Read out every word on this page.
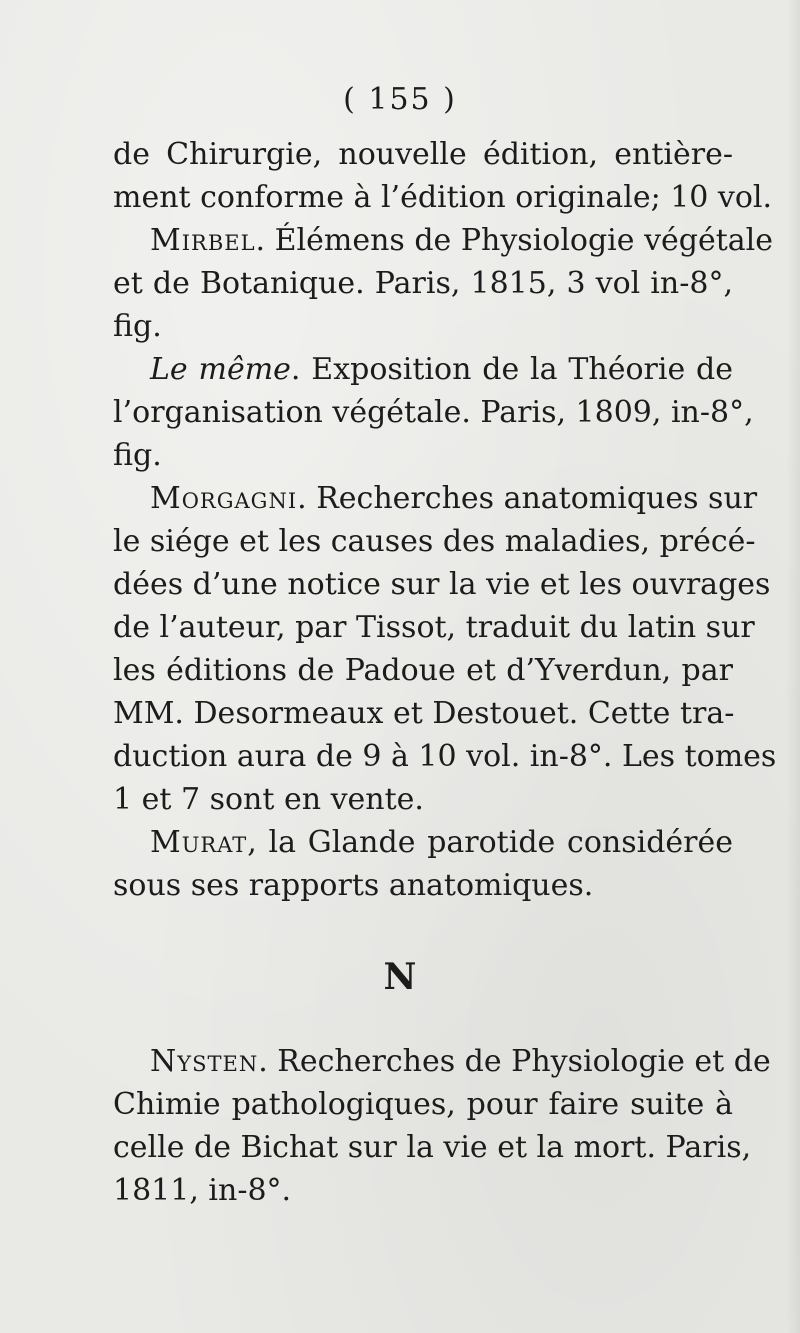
( 155 )
de Chirurgie, nouvelle édition, entière-
ment conforme à l’édition originale; 10 vol.
Mirbel. Élémens de Physiologie végétale
et de Botanique. Paris, 1815, 3 vol in-8°,
fig.
Le même. Exposition de la Théorie de
l’organisation végétale. Paris, 1809, in-8°,
fig.
Morgagni. Recherches anatomiques sur
le siége et les causes des maladies, précé-
dées d’une notice sur la vie et les ouvrages
de l’auteur, par Tissot, traduit du latin sur
les éditions de Padoue et d’Yverdun, par
MM. Desormeaux et Destouet. Cette tra-
duction aura de 9 à 10 vol. in-8°. Les tomes
1 et 7 sont en vente.
Murat, la Glande parotide considérée
sous ses rapports anatomiques.
N
Nysten. Recherches de Physiologie et de
Chimie pathologiques, pour faire suite à
celle de Bichat sur la vie et la mort. Paris,
1811, in-8°.
